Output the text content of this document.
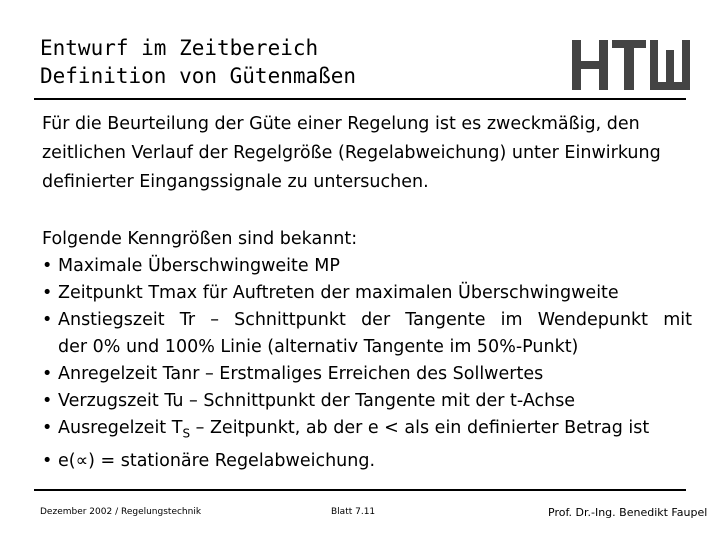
Entwurf im Zeitbereich
Definition von Gütenmaßen
Für die Beurteilung der Güte einer Regelung ist es zweckmäßig, den
zeitlichen Verlauf der Regelgröße (Regelabweichung) unter Einwirkung
definierter Eingangssignale zu untersuchen.
Folgende Kenngrößen sind bekannt:
• Maximale Überschwingweite MP
• Zeitpunkt Tmax für Auftreten der maximalen Überschwingweite
• Anstiegszeit Tr – Schnittpunkt der Tangente im Wendepunkt mit
der 0% und 100% Linie (alternativ Tangente im 50%-Punkt)
• Anregelzeit Tanr – Erstmaliges Erreichen des Sollwertes
• Verzugszeit Tu – Schnittpunkt der Tangente mit der t-Achse
• Ausregelzeit $T_S$ – Zeitpunkt, ab der e < als ein definierter Betrag ist
• e(∝) = stationäre Regelabweichung.
Dezember 2002 / Regelungstechnik	Blatt 7.11	Prof. Dr.-Ing. Benedikt Faupel
